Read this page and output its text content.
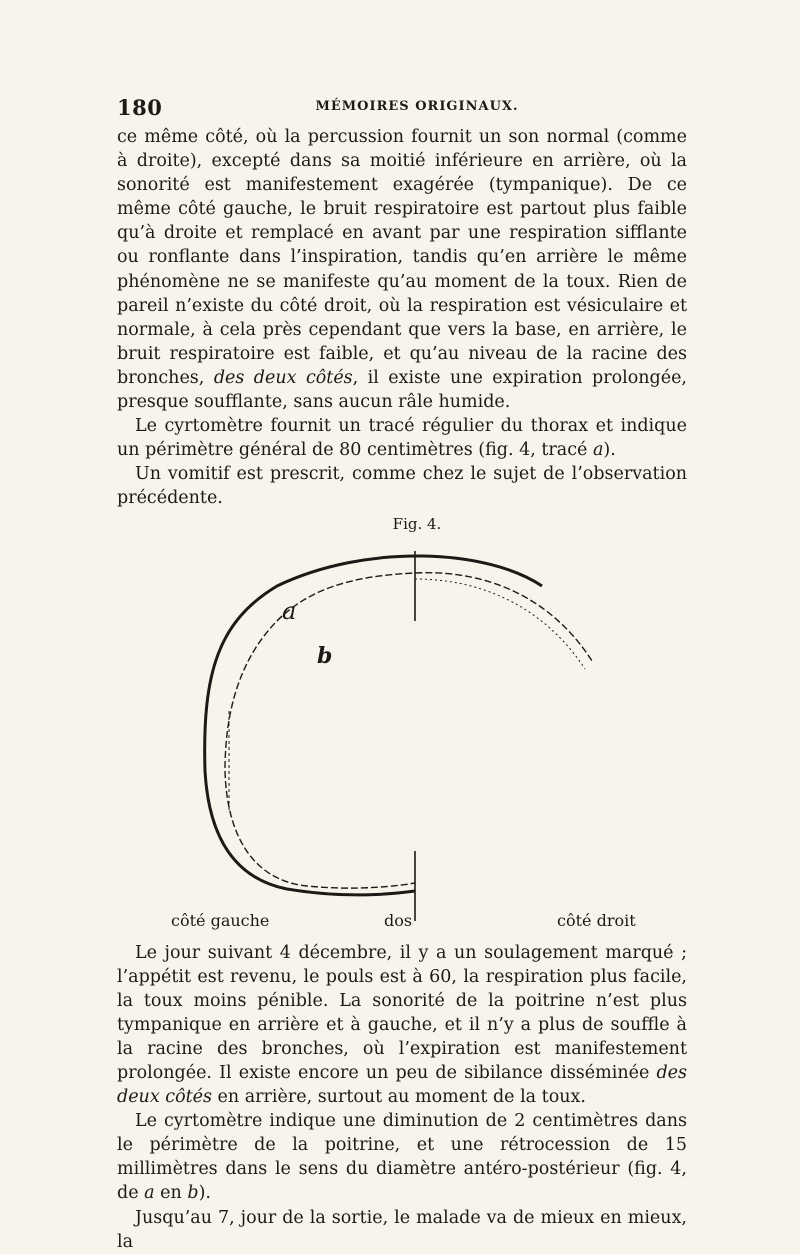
180	MÉMOIRES ORIGINAUX.

ce même côté, où la percussion fournit un son normal (comme à droite), excepté dans sa moitié inférieure en arrière, où la sonorité est manifestement exagérée (tympanique). De ce même côté gauche, le bruit respiratoire est partout plus faible qu’à droite et remplacé en avant par une respiration sifflante ou ronflante dans l’inspiration, tandis qu’en arrière le même phénomène ne se manifeste qu’au moment de la toux. Rien de pareil n’existe du côté droit, où la respiration est vésiculaire et normale, à cela près cependant que vers la base, en arrière, le bruit respiratoire est faible, et qu’au niveau de la racine des bronches, des deux côtés, il existe une expiration prolongée, presque soufflante, sans aucun râle humide.

Le cyrtomètre fournit un tracé régulier du thorax et indique un périmètre général de 80 centimètres (fig. 4, tracé a).

Un vomitif est prescrit, comme chez le sujet de l’observation précédente.

Fig. 4.
a
b
côté gauche	dos	côté droit

Le jour suivant 4 décembre, il y a un soulagement marqué ; l’appétit est revenu, le pouls est à 60, la respiration plus facile, la toux moins pénible. La sonorité de la poitrine n’est plus tympanique en arrière et à gauche, et il n’y a plus de souffle à la racine des bronches, où l’expiration est manifestement prolongée. Il existe encore un peu de sibilance disséminée des deux côtés en arrière, surtout au moment de la toux.

Le cyrtomètre indique une diminution de 2 centimètres dans le périmètre de la poitrine, et une rétrocession de 15 millimètres dans le sens du diamètre antéro-postérieur (fig. 4, de a en b).

Jusqu’au 7, jour de la sortie, le malade va de mieux en mieux, la
